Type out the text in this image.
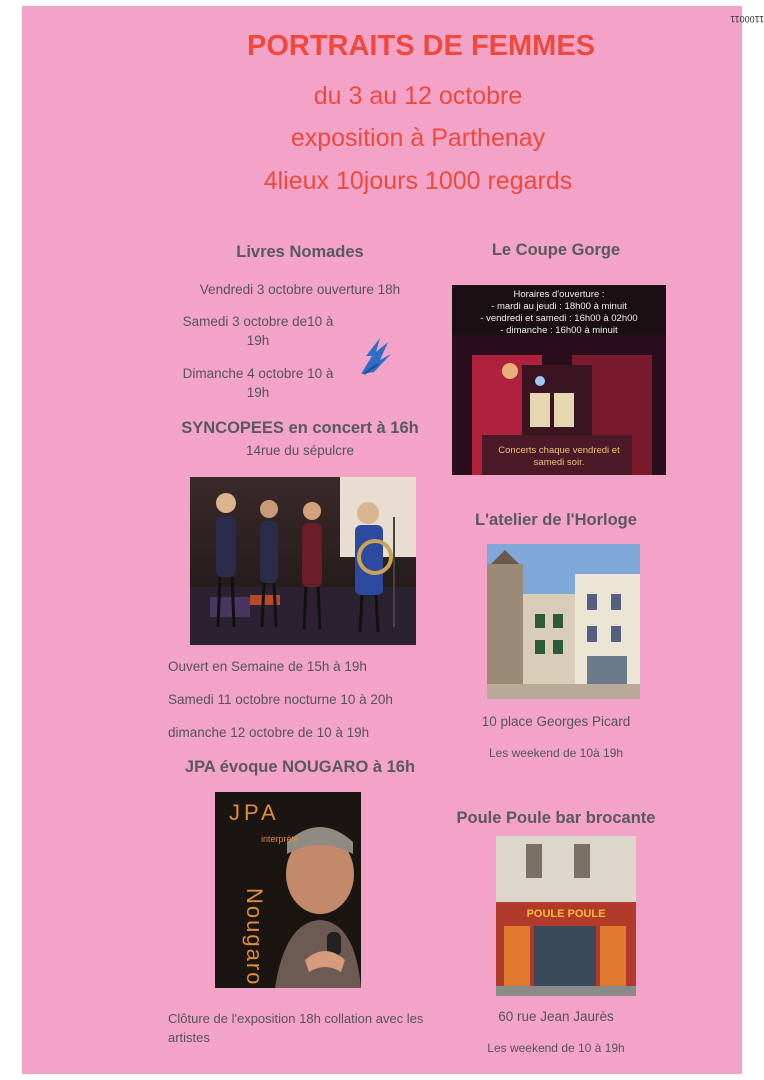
PORTRAITS DE FEMMES
du 3 au 12 octobre
exposition à Parthenay
4lieux 10jours 1000 regards
1100011
Livres Nomades
Vendredi 3 octobre ouverture 18h
Samedi 3 octobre de10 à
19h
Dimanche 4 octobre 10 à
19h
SYNCOPEES en concert à 16h
14rue du sépulcre
Ouvert en Semaine de 15h à 19h
Samedi 11 octobre nocturne 10 à 20h
dimanche 12 octobre de 10 à 19h
JPA évoque NOUGARO à 16h
JPA
interprète
Nougaro
Clôture de l'exposition 18h collation avec les artistes
Le Coupe Gorge
Horaires d'ouverture :
- mardi au jeudi : 18h00 à minuit
- vendredi et samedi : 16h00 à 02h00
- dimanche : 16h00 à minuit
Concerts chaque vendredi et samedi soir.
L'atelier de l'Horloge
10 place Georges Picard
Les weekend de 10à 19h
Poule Poule bar brocante
POULE POULE
60 rue Jean Jaurès
Les weekend de 10 à 19h
